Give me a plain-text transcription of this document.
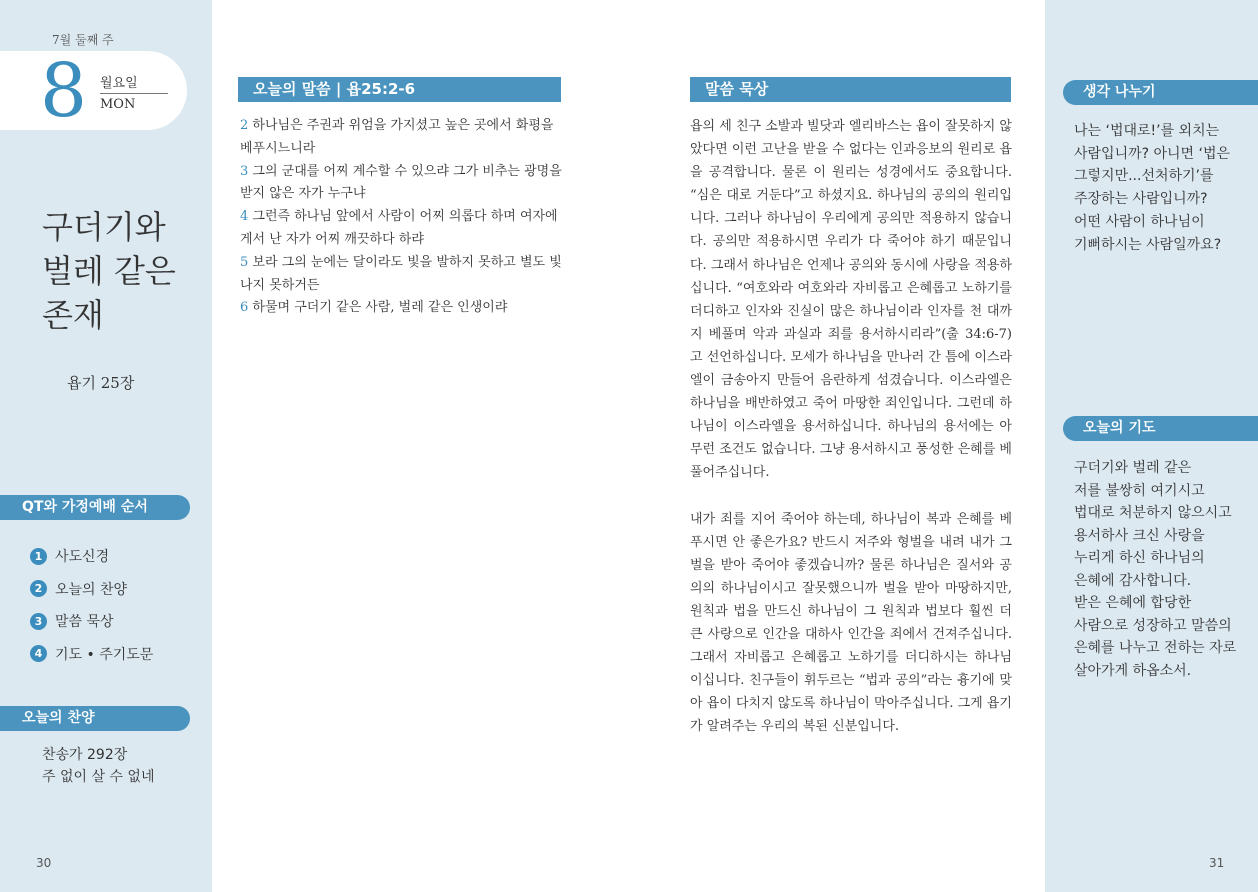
7월 둘째 주
8 월요일
MON
구더기와
벌레 같은
존재
욥기 25장
QT와 가정예배 순서
1 사도신경
2 오늘의 찬양
3 말씀 묵상
4 기도 • 주기도문
오늘의 찬양
찬송가 292장
주 없이 살 수 없네
30
오늘의 말씀 | 욥25:2-6
2 하나님은 주권과 위엄을 가지셨고 높은 곳에서 화평을 베푸시느니라
3 그의 군대를 어찌 계수할 수 있으랴 그가 비추는 광명을 받지 않은 자가 누구냐
4 그런즉 하나님 앞에서 사람이 어찌 의롭다 하며 여자에게서 난 자가 어찌 깨끗하다 하랴
5 보라 그의 눈에는 달이라도 빛을 발하지 못하고 별도 빛나지 못하거든
6 하물며 구더기 같은 사람, 벌레 같은 인생이랴
말씀 묵상

욥의 세 친구 소발과 빌닷과 엘리바스는 욥이 잘못하지 않았다면 이런 고난을 받을 수 없다는 인과응보의 원리로 욥을 공격합니다. 물론 이 원리는 성경에서도 중요합니다. “심은 대로 거둔다”고 하셨지요. 하나님의 공의의 원리입니다. 그러나 하나님이 우리에게 공의만 적용하지 않습니다. 공의만 적용하시면 우리가 다 죽어야 하기 때문입니다. 그래서 하나님은 언제나 공의와 동시에 사랑을 적용하십니다. “여호와라 여호와라 자비롭고 은혜롭고 노하기를 더디하고 인자와 진실이 많은 하나님이라 인자를 천 대까지 베풀며 악과 과실과 죄를 용서하시리라”(출 34:6-7)고 선언하십니다. 모세가 하나님을 만나러 간 틈에 이스라엘이 금송아지 만들어 음란하게 섬겼습니다. 이스라엘은 하나님을 배반하였고 죽어 마땅한 죄인입니다. 그런데 하나님이 이스라엘을 용서하십니다. 하나님의 용서에는 아무런 조건도 없습니다. 그냥 용서하시고 풍성한 은혜를 베풀어주십니다.

내가 죄를 지어 죽어야 하는데, 하나님이 복과 은혜를 베푸시면 안 좋은가요? 반드시 저주와 형벌을 내려 내가 그 벌을 받아 죽어야 좋겠습니까? 물론 하나님은 질서와 공의의 하나님이시고 잘못했으니까 벌을 받아 마땅하지만, 원칙과 법을 만드신 하나님이 그 원칙과 법보다 훨씬 더 큰 사랑으로 인간을 대하사 인간을 죄에서 건져주십니다. 그래서 자비롭고 은혜롭고 노하기를 더디하시는 하나님이십니다. 친구들이 휘두르는 “법과 공의”라는 흉기에 맞아 욥이 다치지 않도록 하나님이 막아주십니다. 그게 욥기가 알려주는 우리의 복된 신분입니다.

생각 나누기
나는 ‘법대로!’를 외치는
사람입니까? 아니면 ‘법은
그렇지만...선처하기’를
주장하는 사람입니까?
어떤 사람이 하나님이
기뻐하시는 사람일까요?
오늘의 기도
구더기와 벌레 같은
저를 불쌍히 여기시고
법대로 처분하지 않으시고
용서하사 크신 사랑을
누리게 하신 하나님의
은혜에 감사합니다.
받은 은혜에 합당한
사람으로 성장하고 말씀의
은혜를 나누고 전하는 자로
살아가게 하옵소서.
31
